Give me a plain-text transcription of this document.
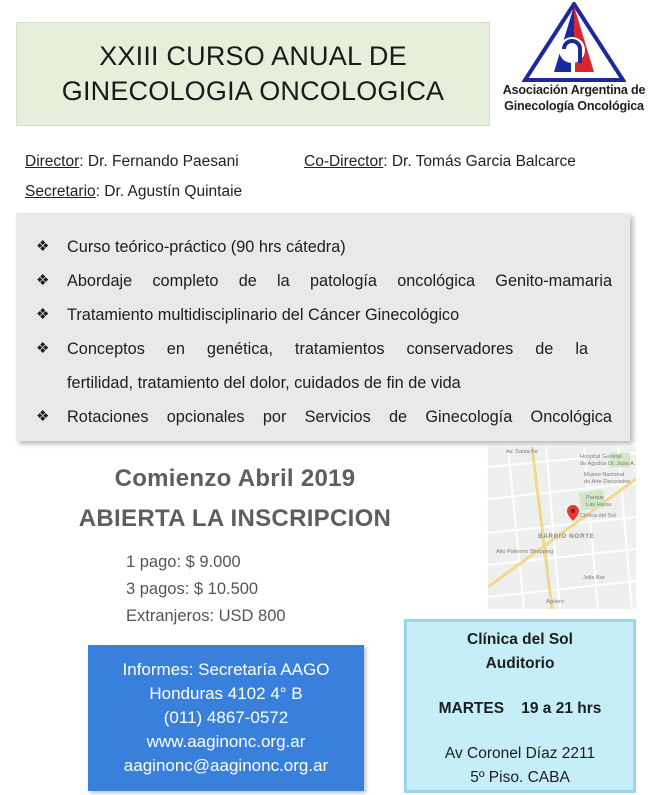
XXIII CURSO ANUAL DE
GINECOLOGIA ONCOLOGICA	Asociación Argentina de
Ginecología Oncológica
Director: Dr. Fernando Paesani	Co-Director: Dr. Tomás Garcia Balcarce
Secretario: Dr. Agustín Quintaie
❖	Curso teórico-práctico (90 hrs cátedra)
❖	Abordaje completo de la patología oncológica Genito-mamaria
❖	Tratamiento multidisciplinario del Cáncer Ginecológico
❖	Conceptos en genética, tratamientos conservadores de la
fertilidad, tratamiento del dolor, cuidados de fin de vida
❖	Rotaciones opcionales por Servicios de Ginecología Oncológica
Comienzo Abril 2019
ABIERTA LA INSCRIPCION
1 pago: $ 9.000
3 pagos: $ 10.500
Extranjeros: USD 800
Av. Santa Fe
Hospital General
de Agudos Dr. Juan A.
Museo Nacional
de Arte Decorativo
Parque
Las Heras
Clínica del Sol
BARRIO NORTE
Alto Palermo Shopping
Jolie Bar
Agüero
Informes: Secretaría AAGO
Honduras 4102 4° B
(011) 4867-0572
www.aaginonc.org.ar
aaginonc@aaginonc.org.ar
Clínica del Sol
Auditorio
MARTES    19 a 21 hrs
Av Coronel Díaz 2211
5º Piso. CABA
